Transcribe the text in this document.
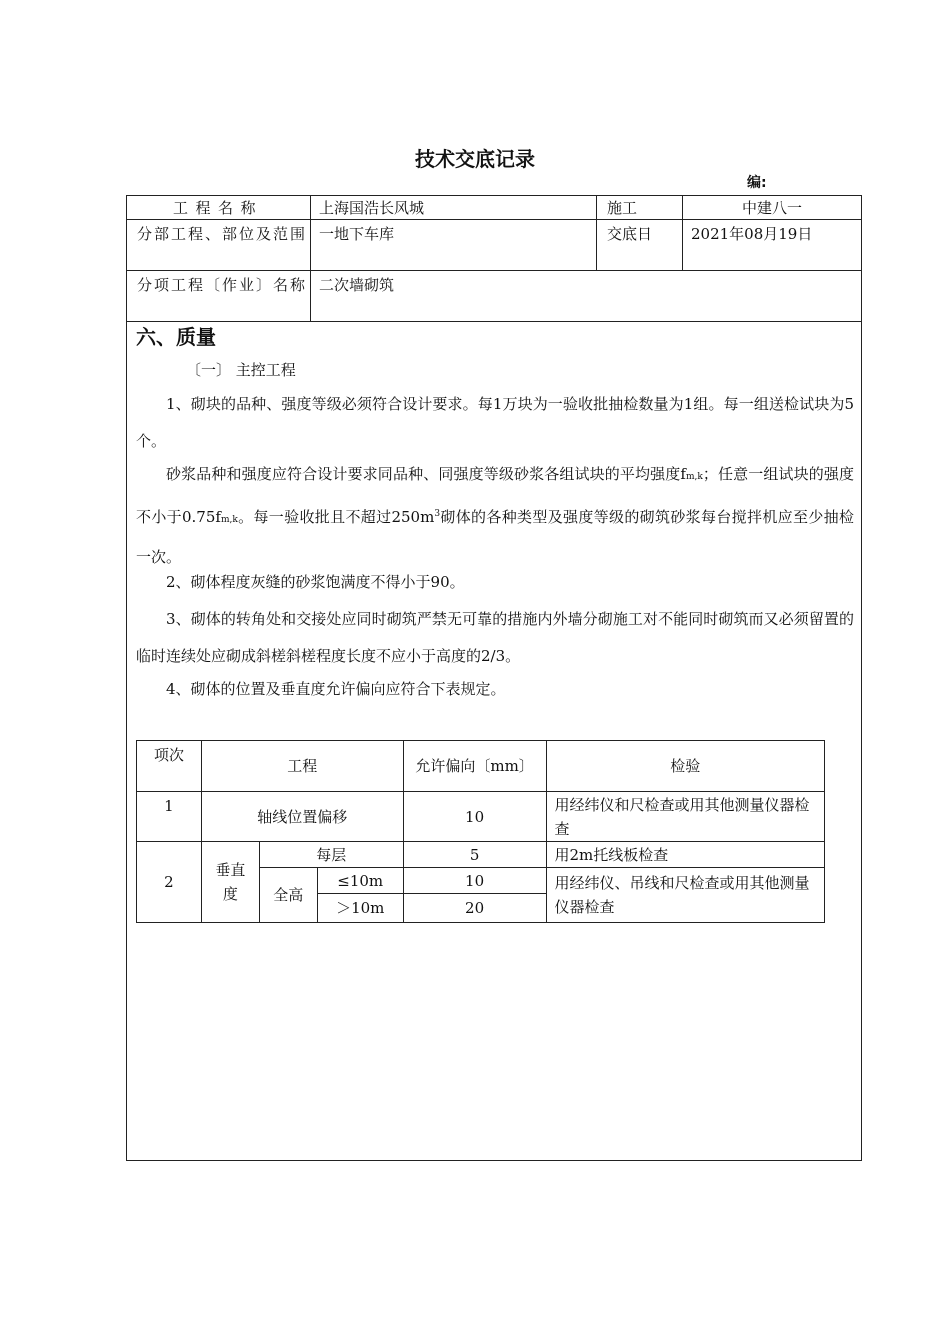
技术交底记录
编:
工程名称	上海国浩长风城	施工	中建八一
分部工程、部位及范围 一地下车库	交底日	2021年08月19日
分项工程〔作业〕名称 二次墙砌筑
六、质量
〔一〕 主控工程
1、砌块的品种、强度等级必须符合设计要求。每1万块为一验收批抽检数量为1组。每一组送检试块为5个。
砂浆品种和强度应符合设计要求同品种、同强度等级砂浆各组试块的平均强度fm,k；任意一组试块的强度不小于0.75fm,k。每一验收批且不超过$250m^3$砌体的各种类型及强度等级的砌筑砂浆每台搅拌机应至少抽检一次。
2、砌体程度灰缝的砂浆饱满度不得小于90。
3、砌体的转角处和交接处应同时砌筑严禁无可靠的措施内外墙分砌施工对不能同时砌筑而又必须留置的临时连续处应砌成斜槎斜槎程度长度不应小于高度的2/3。
4、砌体的位置及垂直度允许偏向应符合下表规定。
项次	工程			允许偏向〔mm〕	检验
1	轴线位置偏移			10	用经纬仪和尺检查或用其他测量仪器检查
2	垂直度	每层		5	用2m托线板检查
		全高	≤10m	10	用经纬仪、吊线和尺检查或用其他测量仪器检查
			＞10m	20	
